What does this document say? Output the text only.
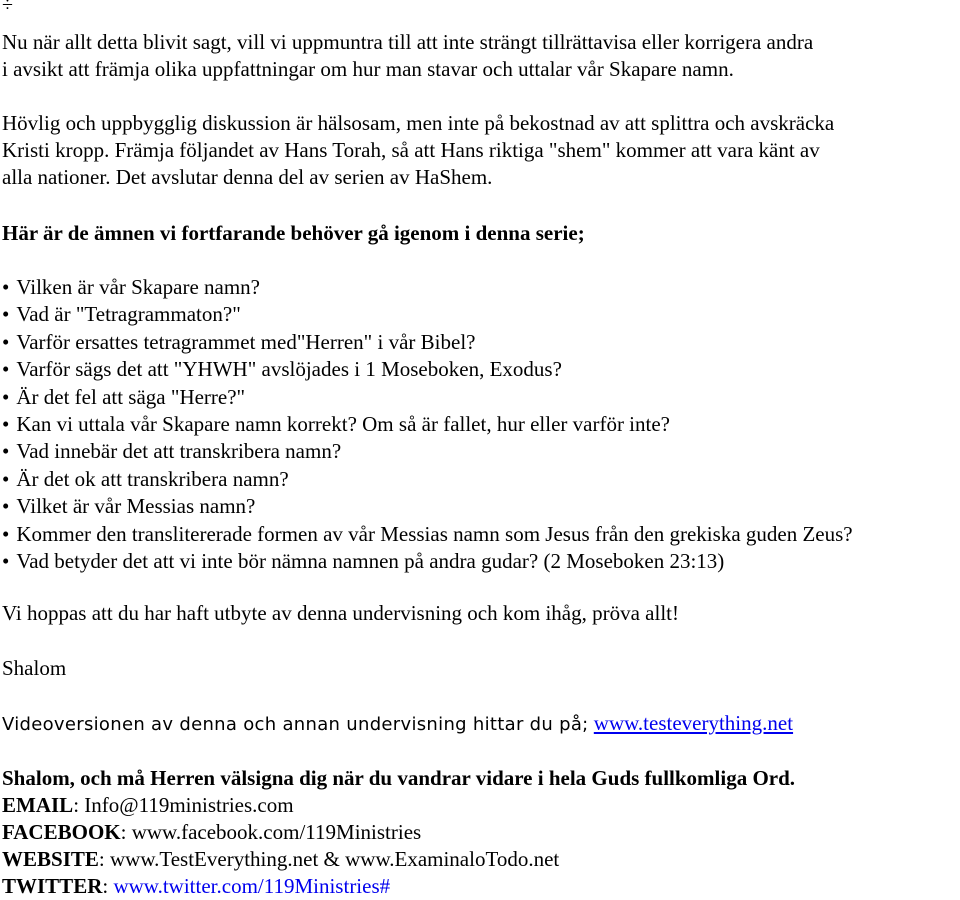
÷

Nu när allt detta blivit sagt, vill vi uppmuntra till att inte strängt tillrättavisa eller korrigera andra
i avsikt att främja olika uppfattningar om hur man stavar och uttalar vår Skapare namn.

Hövlig och uppbygglig diskussion är hälsosam, men inte på bekostnad av att splittra och avskräcka
Kristi kropp. Främja följandet av Hans Torah, så att Hans riktiga "shem" kommer att vara känt av
alla nationer. Det avslutar denna del av serien av HaShem.

Här är de ämnen vi fortfarande behöver gå igenom i denna serie;

• Vilken är vår Skapare namn?
• Vad är "Tetragrammaton?"
• Varför ersattes tetragrammet med"Herren" i vår Bibel?
• Varför sägs det att "YHWH" avslöjades i 1 Moseboken, Exodus?
• Är det fel att säga "Herre?"
• Kan vi uttala vår Skapare namn korrekt? Om så är fallet, hur eller varför inte?
• Vad innebär det att transkribera namn?
• Är det ok att transkribera namn?
• Vilket är vår Messias namn?
• Kommer den translitererade formen av vår Messias namn som Jesus från den grekiska guden Zeus?
• Vad betyder det att vi inte bör nämna namnen på andra gudar? (2 Moseboken 23:13)

Vi hoppas att du har haft utbyte av denna undervisning och kom ihåg, pröva allt!

Shalom

Videoversionen av denna och annan undervisning hittar du på; www.testeverything.net

Shalom, och må Herren välsigna dig när du vandrar vidare i hela Guds fullkomliga Ord.

EMAIL: Info@119ministries.com

FACEBOOK: www.facebook.com/119Ministries

WEBSITE: www.TestEverything.net & www.ExaminaloTodo.net

TWITTER: www.twitter.com/119Ministries#
